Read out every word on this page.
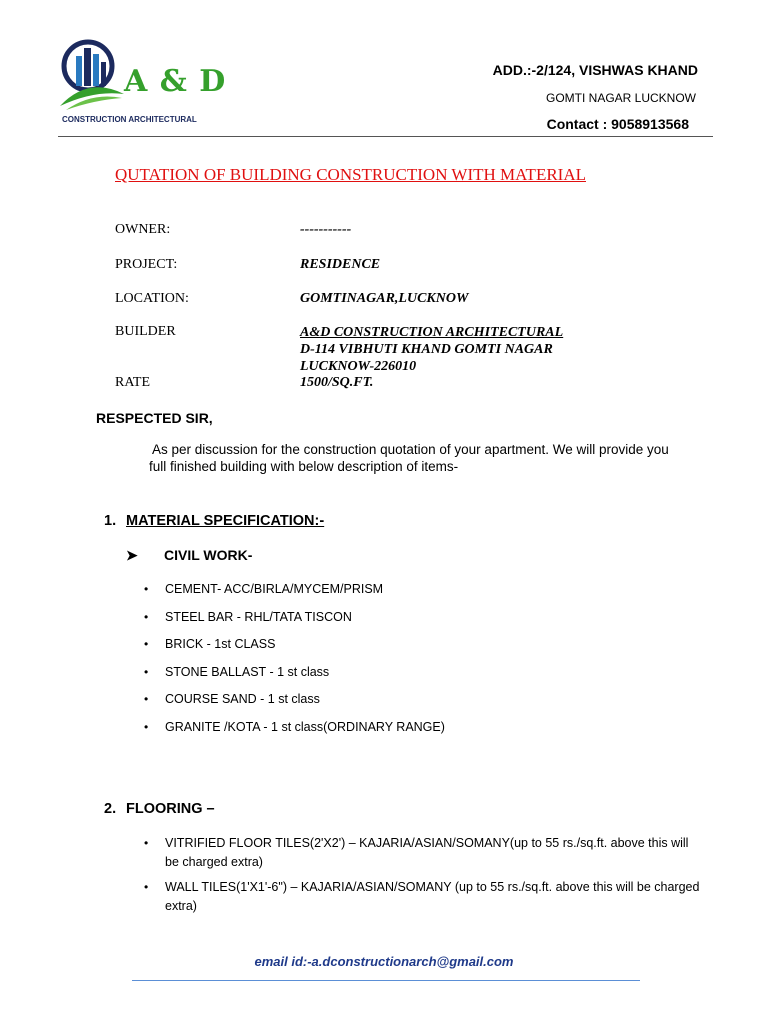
A & D
CONSTRUCTION ARCHITECTURAL
ADD.:-2/124, VISHWAS KHAND
GOMTI NAGAR LUCKNOW
Contact : 9058913568
QUTATION OF BUILDING CONSTRUCTION WITH MATERIAL
OWNER:	-----------
PROJECT:	RESIDENCE
LOCATION:	GOMTINAGAR,LUCKNOW
BUILDER	A&D CONSTRUCTION ARCHITECTURAL
D-114 VIBHUTI KHAND GOMTI NAGAR
LUCKNOW-226010
RATE	1500/SQ.FT.
RESPECTED SIR,
As per discussion for the construction quotation of your apartment. We will provide you
full finished building with below description of items-
1. MATERIAL SPECIFICATION:-
➤ CIVIL WORK-
• CEMENT- ACC/BIRLA/MYCEM/PRISM
• STEEL BAR - RHL/TATA TISCON
• BRICK - 1st CLASS
• STONE BALLAST - 1 st class
• COURSE SAND - 1 st class
• GRANITE /KOTA - 1 st class(ORDINARY RANGE)
2. FLOORING –
• VITRIFIED FLOOR TILES(2'X2') – KAJARIA/ASIAN/SOMANY(up to 55 rs./sq.ft. above this will be charged extra)
• WALL TILES(1'X1'-6") – KAJARIA/ASIAN/SOMANY (up to 55 rs./sq.ft. above this will be charged extra)
email id:-a.dconstructionarch@gmail.com
